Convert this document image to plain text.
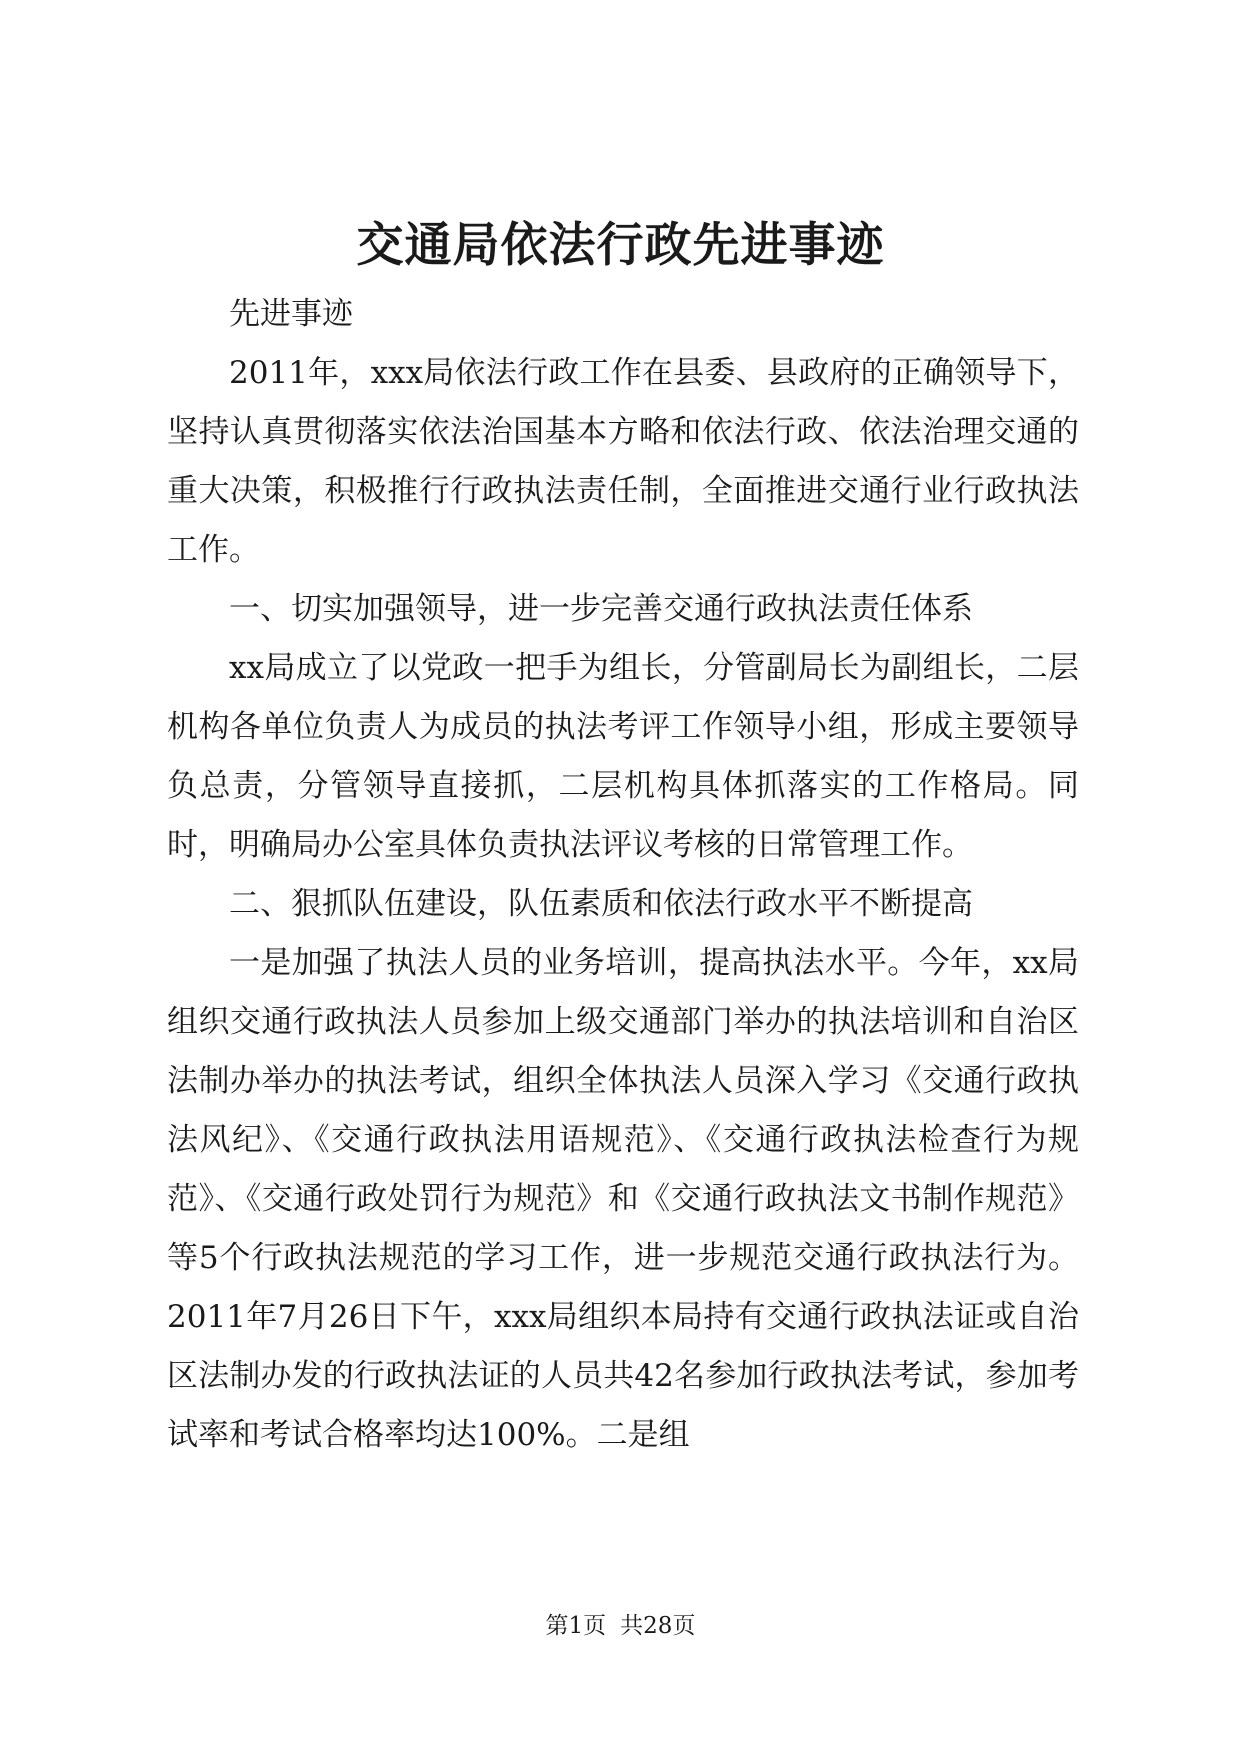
交通局依法行政先进事迹

先进事迹

2011年，xxx局依法行政工作在县委、县政府的正确领导下，坚持认真贯彻落实依法治国基本方略和依法行政、依法治理交通的重大决策，积极推行行政执法责任制，全面推进交通行业行政执法工作。

一、切实加强领导，进一步完善交通行政执法责任体系

xx局成立了以党政一把手为组长，分管副局长为副组长，二层机构各单位负责人为成员的执法考评工作领导小组，形成主要领导负总责，分管领导直接抓，二层机构具体抓落实的工作格局。同时，明确局办公室具体负责执法评议考核的日常管理工作。

二、狠抓队伍建设，队伍素质和依法行政水平不断提高

一是加强了执法人员的业务培训，提高执法水平。今年，xx局组织交通行政执法人员参加上级交通部门举办的执法培训和自治区法制办举办的执法考试，组织全体执法人员深入学习《交通行政执法风纪》、《交通行政执法用语规范》、《交通行政执法检查行为规范》、《交通行政处罚行为规范》和《交通行政执法文书制作规范》等5个行政执法规范的学习工作，进一步规范交通行政执法行为。2011年7月26日下午，xxx局组织本局持有交通行政执法证或自治区法制办发的行政执法证的人员共42名参加行政执法考试，参加考试率和考试合格率均达100%。二是组

第1页 共28页
